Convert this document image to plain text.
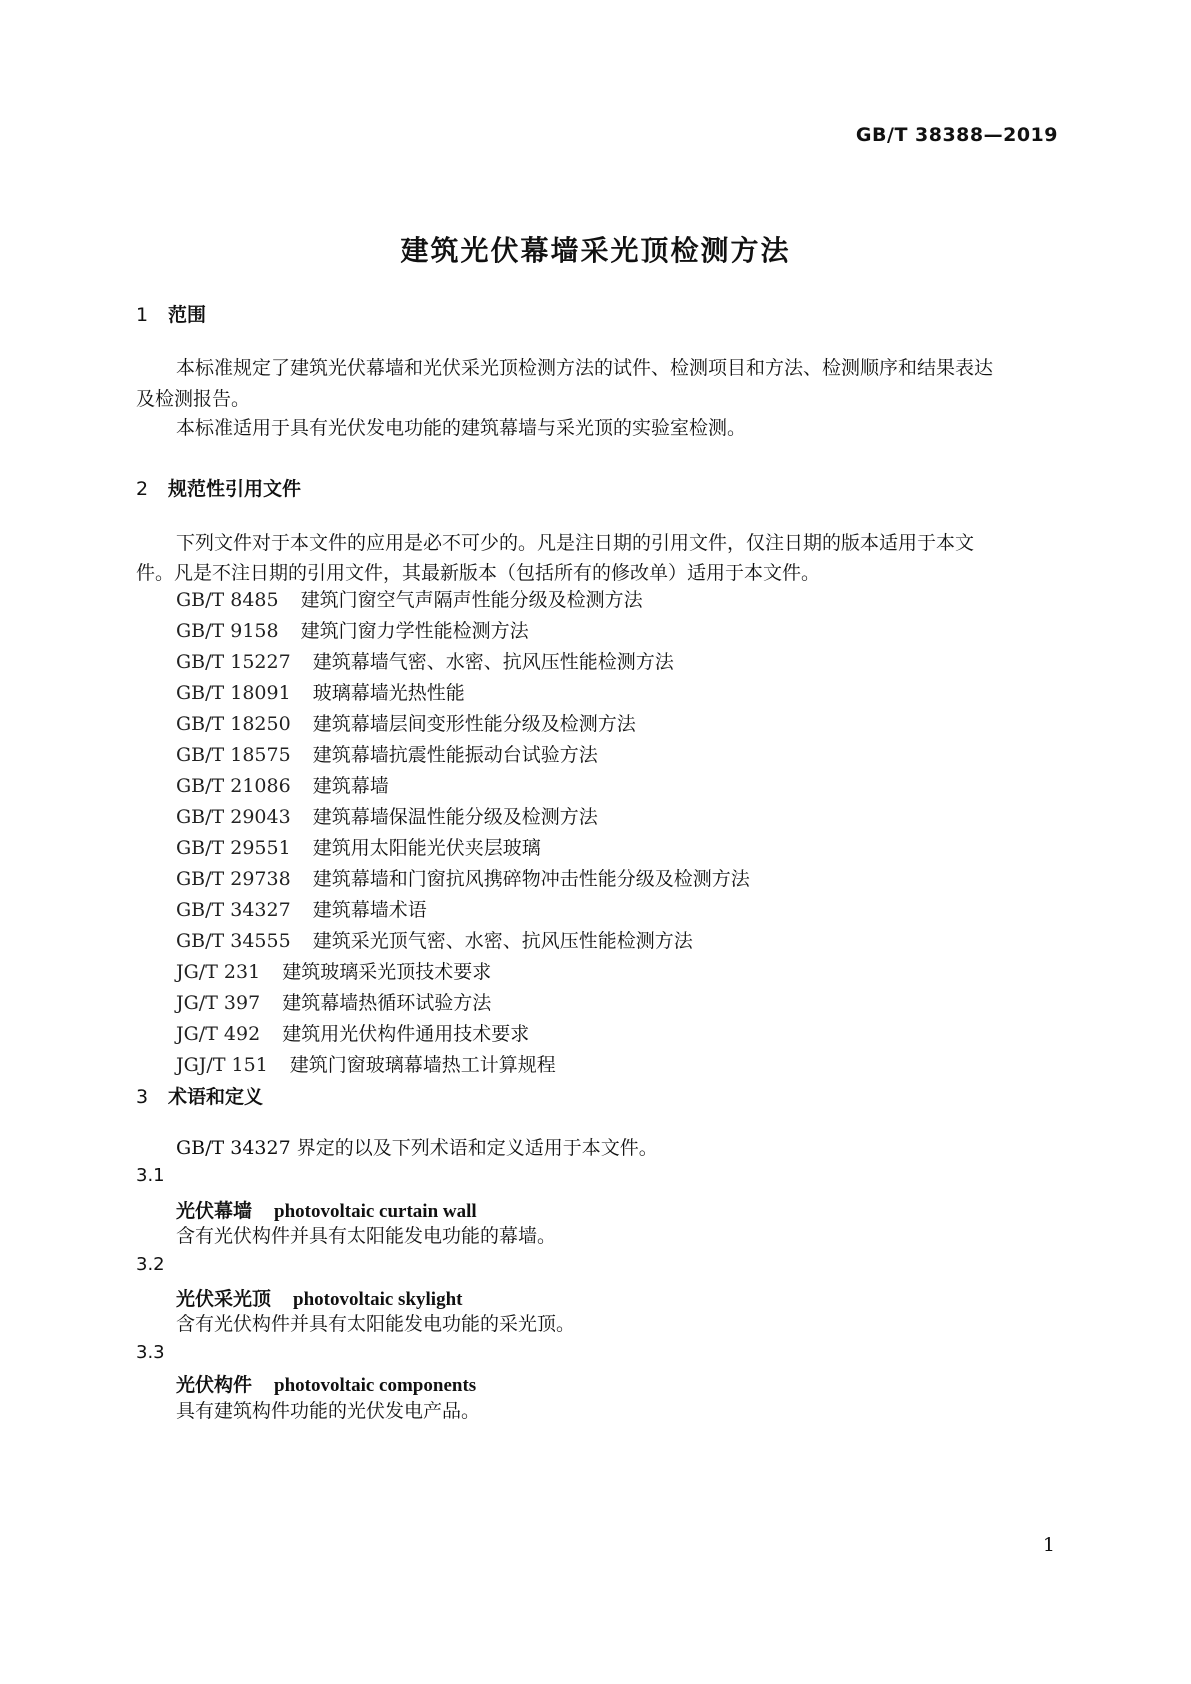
GB/T 38388—2019
建筑光伏幕墙采光顶检测方法
1 范围
本标准规定了建筑光伏幕墙和光伏采光顶检测方法的试件、检测项目和方法、检测顺序和结果表达
及检测报告。
本标准适用于具有光伏发电功能的建筑幕墙与采光顶的实验室检测。
2 规范性引用文件
下列文件对于本文件的应用是必不可少的。凡是注日期的引用文件，仅注日期的版本适用于本文
件。凡是不注日期的引用文件，其最新版本（包括所有的修改单）适用于本文件。
GB/T 8485 建筑门窗空气声隔声性能分级及检测方法
GB/T 9158 建筑门窗力学性能检测方法
GB/T 15227 建筑幕墙气密、水密、抗风压性能检测方法
GB/T 18091 玻璃幕墙光热性能
GB/T 18250 建筑幕墙层间变形性能分级及检测方法
GB/T 18575 建筑幕墙抗震性能振动台试验方法
GB/T 21086 建筑幕墙
GB/T 29043 建筑幕墙保温性能分级及检测方法
GB/T 29551 建筑用太阳能光伏夹层玻璃
GB/T 29738 建筑幕墙和门窗抗风携碎物冲击性能分级及检测方法
GB/T 34327 建筑幕墙术语
GB/T 34555 建筑采光顶气密、水密、抗风压性能检测方法
JG/T 231 建筑玻璃采光顶技术要求
JG/T 397 建筑幕墙热循环试验方法
JG/T 492 建筑用光伏构件通用技术要求
JGJ/T 151 建筑门窗玻璃幕墙热工计算规程
3 术语和定义
GB/T 34327 界定的以及下列术语和定义适用于本文件。
3.1
光伏幕墙 photovoltaic curtain wall
含有光伏构件并具有太阳能发电功能的幕墙。
3.2
光伏采光顶 photovoltaic skylight
含有光伏构件并具有太阳能发电功能的采光顶。
3.3
光伏构件 photovoltaic components
具有建筑构件功能的光伏发电产品。
1
